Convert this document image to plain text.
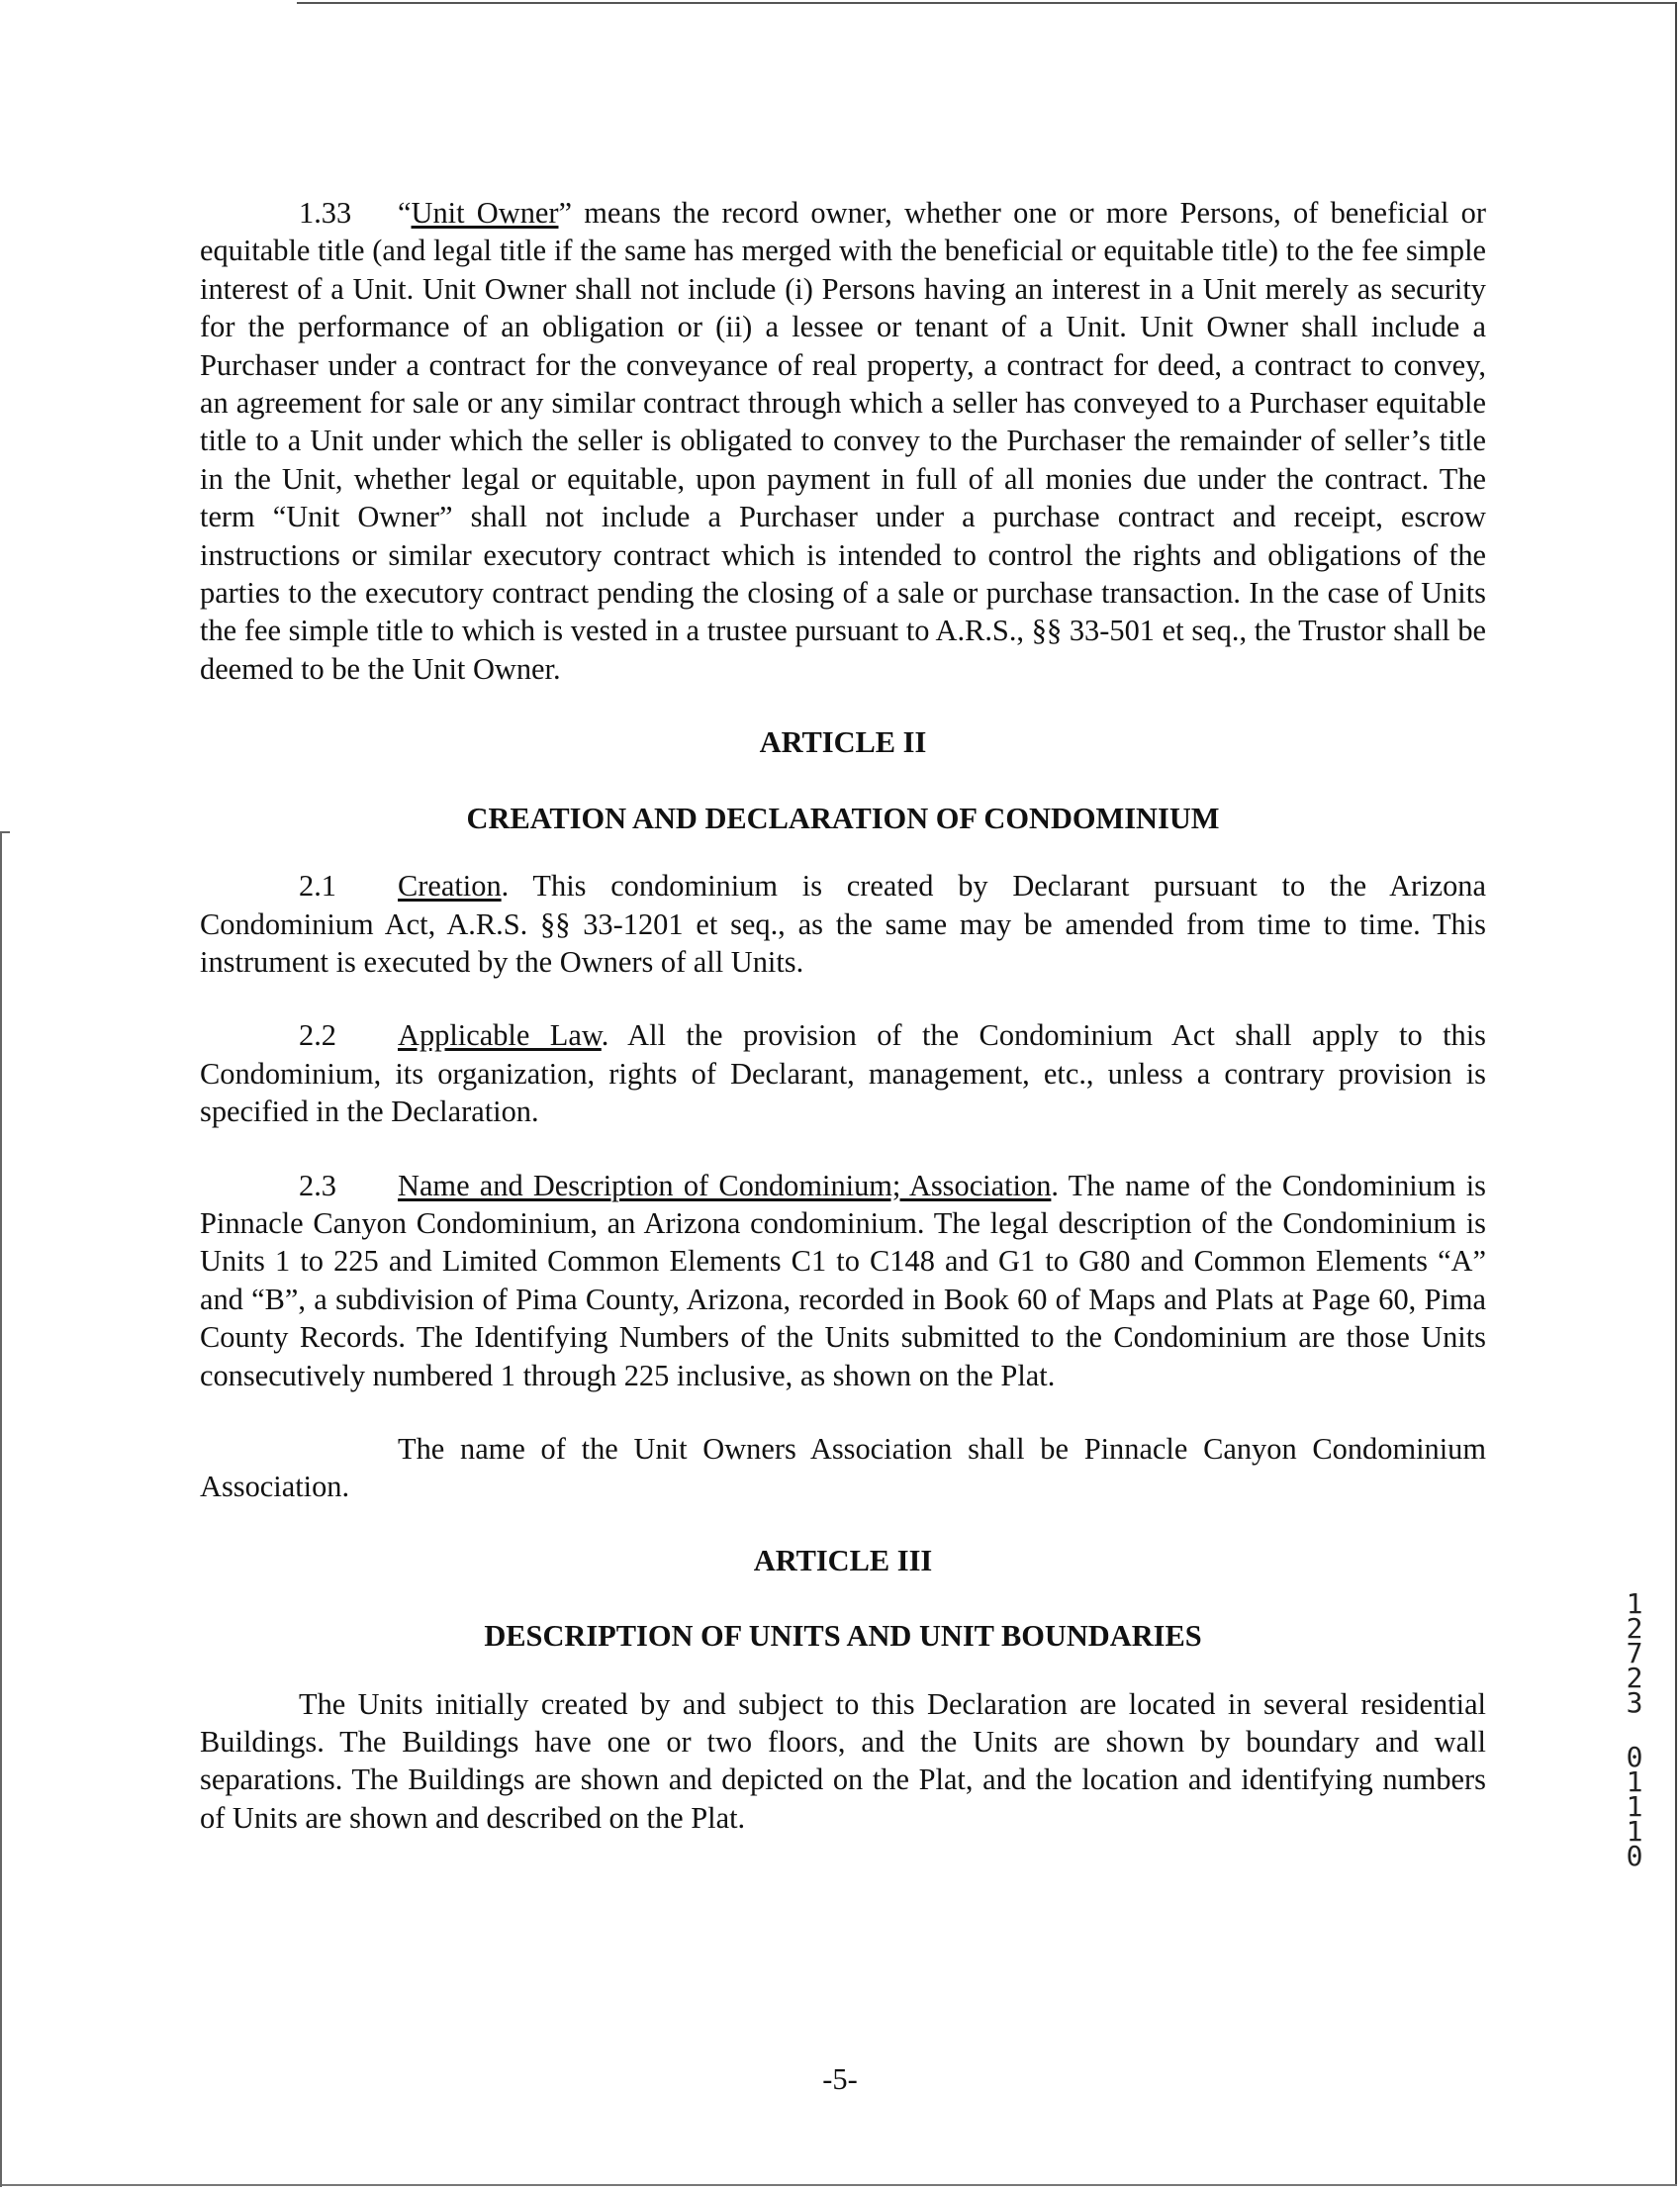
1.33 “Unit Owner” means the record owner, whether one or more Persons, of beneficial or equitable title (and legal title if the same has merged with the beneficial or equitable title) to the fee simple interest of a Unit. Unit Owner shall not include (i) Persons having an interest in a Unit merely as security for the performance of an obligation or (ii) a lessee or tenant of a Unit. Unit Owner shall include a Purchaser under a contract for the conveyance of real property, a contract for deed, a contract to convey, an agreement for sale or any similar contract through which a seller has conveyed to a Purchaser equitable title to a Unit under which the seller is obligated to convey to the Purchaser the remainder of seller’s title in the Unit, whether legal or equitable, upon payment in full of all monies due under the contract. The term “Unit Owner” shall not include a Purchaser under a purchase contract and receipt, escrow instructions or similar executory contract which is intended to control the rights and obligations of the parties to the executory contract pending the closing of a sale or purchase transaction. In the case of Units the fee simple title to which is vested in a trustee pursuant to A.R.S., §§ 33-501 et seq., the Trustor shall be deemed to be the Unit Owner.

ARTICLE II

CREATION AND DECLARATION OF CONDOMINIUM

2.1 Creation. This condominium is created by Declarant pursuant to the Arizona Condominium Act, A.R.S. §§ 33-1201 et seq., as the same may be amended from time to time. This instrument is executed by the Owners of all Units.

2.2 Applicable Law. All the provision of the Condominium Act shall apply to this Condominium, its organization, rights of Declarant, management, etc., unless a contrary provision is specified in the Declaration.

2.3 Name and Description of Condominium; Association. The name of the Condominium is Pinnacle Canyon Condominium, an Arizona condominium. The legal description of the Condominium is Units 1 to 225 and Limited Common Elements C1 to C148 and G1 to G80 and Common Elements “A” and “B”, a subdivision of Pima County, Arizona, recorded in Book 60 of Maps and Plats at Page 60, Pima County Records. The Identifying Numbers of the Units submitted to the Condominium are those Units consecutively numbered 1 through 225 inclusive, as shown on the Plat.

The name of the Unit Owners Association shall be Pinnacle Canyon Condominium Association.

ARTICLE III

DESCRIPTION OF UNITS AND UNIT BOUNDARIES

The Units initially created by and subject to this Declaration are located in several residential Buildings. The Buildings have one or two floors, and the Units are shown by boundary and wall separations. The Buildings are shown and depicted on the Plat, and the location and identifying numbers of Units are shown and described on the Plat.

1
2
7
2
3
0
1
1
1
0
-5-
